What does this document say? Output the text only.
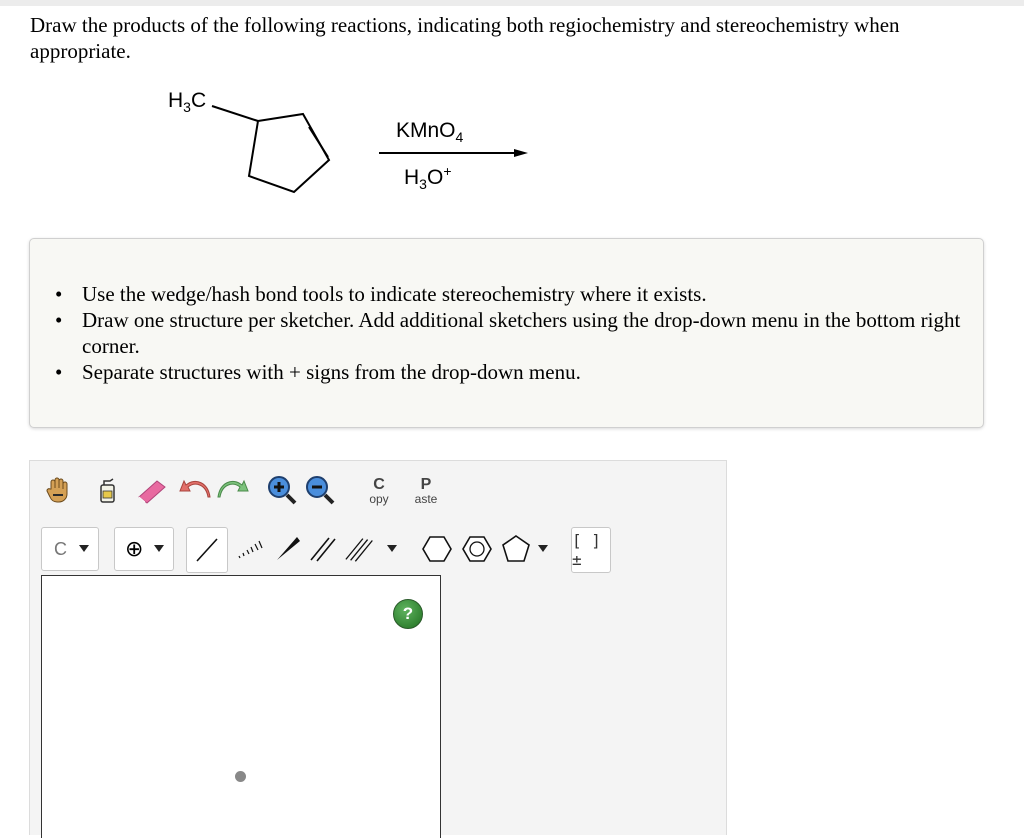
Draw the products of the following reactions, indicating both regiochemistry and stereochemistry when appropriate.
$H_3C$
KMnO$_4$
$H_3O^+$
• Use the wedge/hash bond tools to indicate stereochemistry where it exists.
• Draw one structure per sketcher. Add additional sketchers using the drop-down menu in the bottom right corner.
• Separate structures with + signs from the drop-down menu.
C
opy
P
aste
C	⊕	[ ]±
?
